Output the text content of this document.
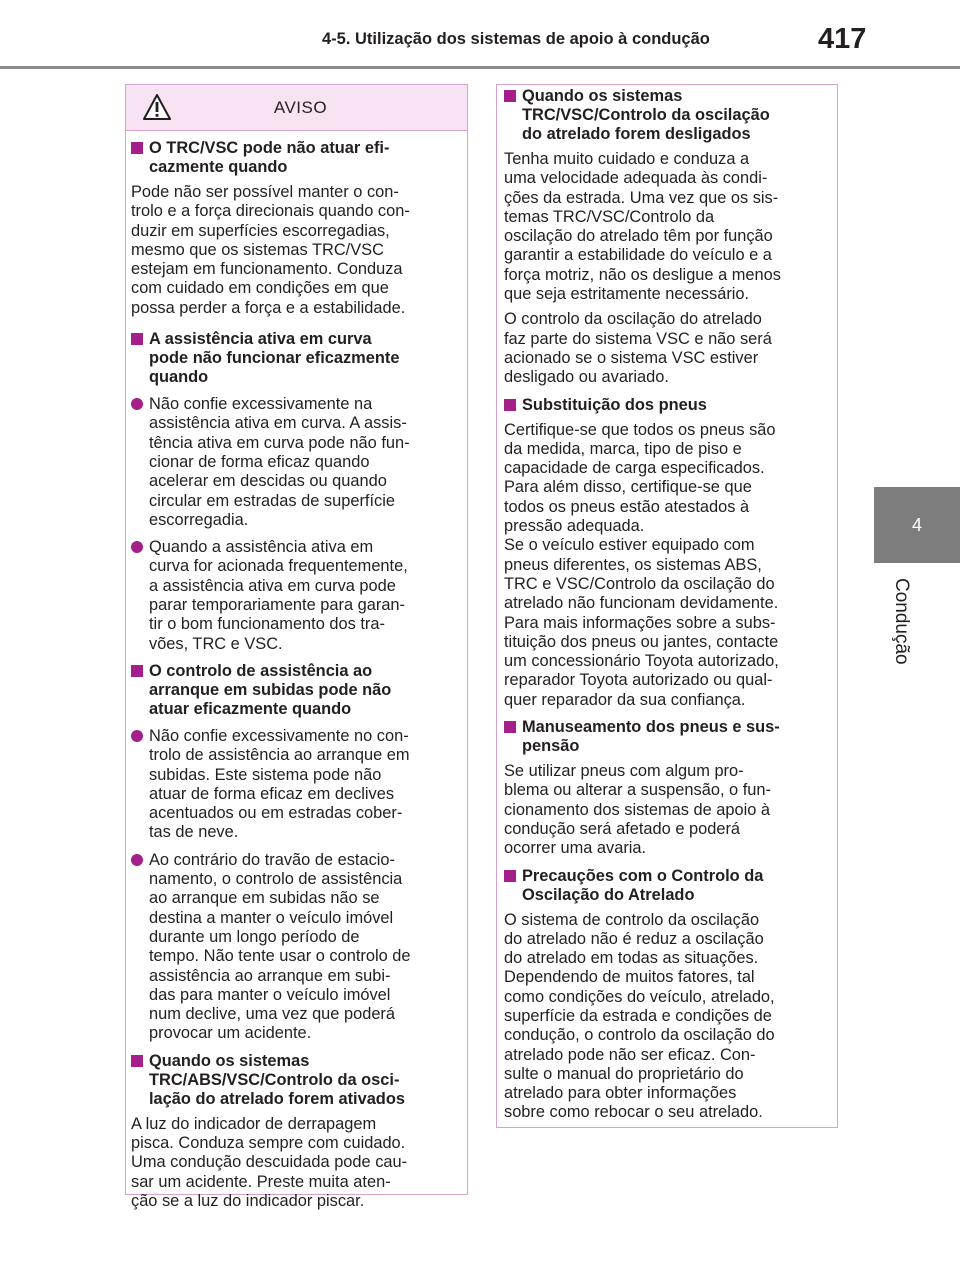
4-5. Utilização dos sistemas de apoio à condução	417
4
Condução
AVISO
O TRC/VSC pode não atuar efi-
cazmente quando
Pode não ser possível manter o con-
trolo e a força direcionais quando con-
duzir em superfícies escorregadias,
mesmo que os sistemas TRC/VSC
estejam em funcionamento. Conduza
com cuidado em condições em que
possa perder a força e a estabilidade.
A assistência ativa em curva
pode não funcionar eficazmente
quando
Não confie excessivamente na
assistência ativa em curva. A assis-
tência ativa em curva pode não fun-
cionar de forma eficaz quando
acelerar em descidas ou quando
circular em estradas de superfície
escorregadia.
Quando a assistência ativa em
curva for acionada frequentemente,
a assistência ativa em curva pode
parar temporariamente para garan-
tir o bom funcionamento dos tra-
vões, TRC e VSC.
O controlo de assistência ao
arranque em subidas pode não
atuar eficazmente quando
Não confie excessivamente no con-
trolo de assistência ao arranque em
subidas. Este sistema pode não
atuar de forma eficaz em declives
acentuados ou em estradas cober-
tas de neve.
Ao contrário do travão de estacio-
namento, o controlo de assistência
ao arranque em subidas não se
destina a manter o veículo imóvel
durante um longo período de
tempo. Não tente usar o controlo de
assistência ao arranque em subi-
das para manter o veículo imóvel
num declive, uma vez que poderá
provocar um acidente.
Quando os sistemas
TRC/ABS/VSC/Controlo da osci-
lação do atrelado forem ativados
A luz do indicador de derrapagem
pisca. Conduza sempre com cuidado.
Uma condução descuidada pode cau-
sar um acidente. Preste muita aten-
ção se a luz do indicador piscar.
Quando os sistemas
TRC/VSC/Controlo da oscilação
do atrelado forem desligados
Tenha muito cuidado e conduza a
uma velocidade adequada às condi-
ções da estrada. Uma vez que os sis-
temas TRC/VSC/Controlo da
oscilação do atrelado têm por função
garantir a estabilidade do veículo e a
força motriz, não os desligue a menos
que seja estritamente necessário.
O controlo da oscilação do atrelado
faz parte do sistema VSC e não será
acionado se o sistema VSC estiver
desligado ou avariado.
Substituição dos pneus
Certifique-se que todos os pneus são
da medida, marca, tipo de piso e
capacidade de carga especificados.
Para além disso, certifique-se que
todos os pneus estão atestados à
pressão adequada.
Se o veículo estiver equipado com
pneus diferentes, os sistemas ABS,
TRC e VSC/Controlo da oscilação do
atrelado não funcionam devidamente.
Para mais informações sobre a subs-
tituição dos pneus ou jantes, contacte
um concessionário Toyota autorizado,
reparador Toyota autorizado ou qual-
quer reparador da sua confiança.
Manuseamento dos pneus e sus-
pensão
Se utilizar pneus com algum pro-
blema ou alterar a suspensão, o fun-
cionamento dos sistemas de apoio à
condução será afetado e poderá
ocorrer uma avaria.
Precauções com o Controlo da
Oscilação do Atrelado
O sistema de controlo da oscilação
do atrelado não é reduz a oscilação
do atrelado em todas as situações.
Dependendo de muitos fatores, tal
como condições do veículo, atrelado,
superfície da estrada e condições de
condução, o controlo da oscilação do
atrelado pode não ser eficaz. Con-
sulte o manual do proprietário do
atrelado para obter informações
sobre como rebocar o seu atrelado.
